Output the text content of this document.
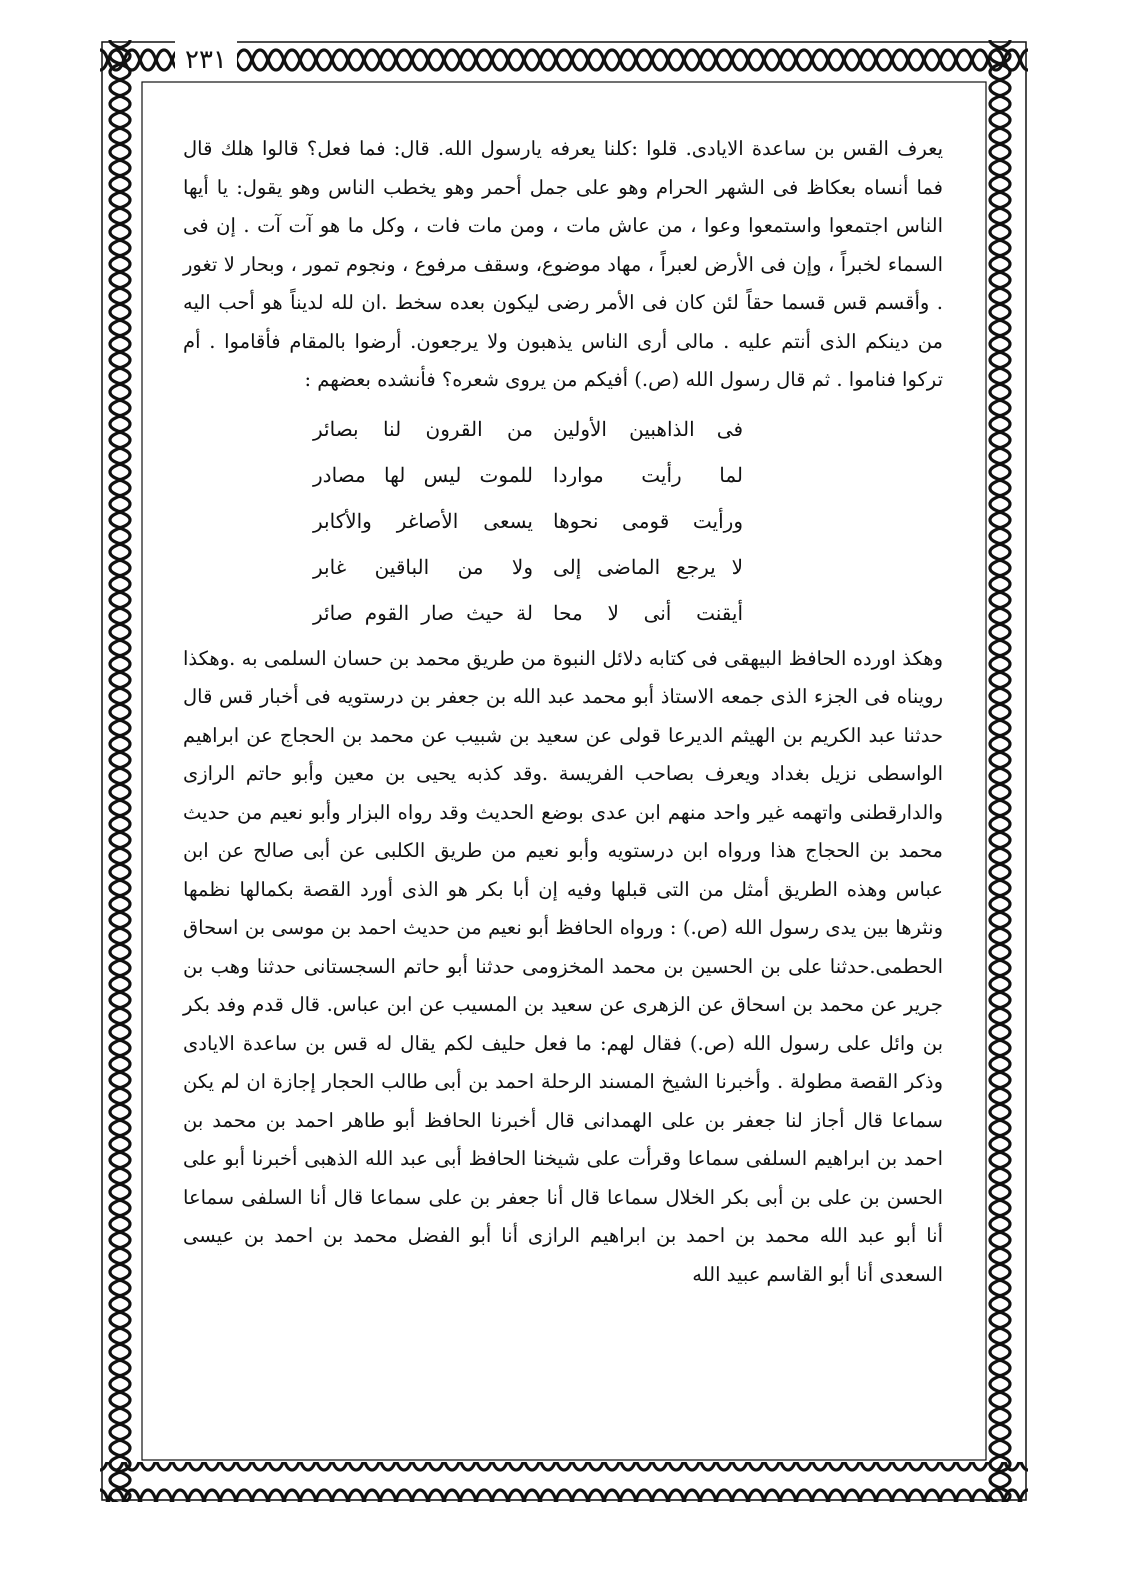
٢٣١

يعرف القس بن ساعدة الايادى. قلوا :كلنا يعرفه يارسول الله. قال: فما فعل؟ قالوا هلك قال فما أنساه بعكاظ فى الشهر الحرام وهو على جمل أحمر وهو يخطب الناس وهو يقول: يا أيها الناس اجتمعوا واستمعوا وعوا ، من عاش مات ، ومن مات فات ، وكل ما هو آت آت . إن فى السماء لخبراً ، وإن فى الأرض لعبراً ، مهاد موضوع، وسقف مرفوع ، ونجوم تمور ، وبحار لا تغور . وأقسم قس قسما حقاً لئن كان فى الأمر رضى ليكون بعده سخط .ان لله لديناً هو أحب اليه من دينكم الذى أنتم عليه . مالى أرى الناس يذهبون ولا يرجعون. أرضوا بالمقام فأقاموا . أم تركوا فناموا . ثم قال رسول الله (ص.) أفيكم من يروى شعره؟ فأنشده بعضهم :

فى الذاهبين الأولين
من القرون لنا بصائر
لما رأيت مواردا
للموت ليس لها مصادر
ورأيت قومى نحوها
يسعى الأصاغر والأكابر
لا يرجع الماضى إلى
ولا من الباقين غابر
أيقنت أنى لا محا
لة حيث صار القوم صائر

وهكذ اورده الحافظ البيهقى فى كتابه دلائل النبوة من طريق محمد بن حسان السلمى به .وهكذا رويناه فى الجزء الذى جمعه الاستاذ أبو محمد عبد الله بن جعفر بن درستويه فى أخبار قس قال حدثنا عبد الكريم بن الهيثم الديرعا قولى عن سعيد بن شبيب عن محمد بن الحجاج عن ابراهيم الواسطى نزيل بغداد ويعرف بصاحب الفريسة .وقد كذبه يحيى بن معين وأبو حاتم الرازى والدارقطنى واتهمه غير واحد منهم ابن عدى بوضع الحديث وقد رواه البزار وأبو نعيم من حديث محمد بن الحجاج هذا ورواه ابن درستويه وأبو نعيم من طريق الكلبى عن أبى صالح عن ابن عباس وهذه الطريق أمثل من التى قبلها وفيه إن أبا بكر هو الذى أورد القصة بكمالها نظمها ونثرها بين يدى رسول الله (ص.) : ورواه الحافظ أبو نعيم من حديث احمد بن موسى بن اسحاق الحطمى.حدثنا على بن الحسين بن محمد المخزومى حدثنا أبو حاتم السجستانى حدثنا وهب بن جرير عن محمد بن اسحاق عن الزهرى عن سعيد بن المسيب عن ابن عباس. قال قدم وفد بكر بن وائل على رسول الله (ص.) فقال لهم: ما فعل حليف لكم يقال له قس بن ساعدة الايادى وذكر القصة مطولة . وأخبرنا الشيخ المسند الرحلة احمد بن أبى طالب الحجار إجازة ان لم يكن سماعا قال أجاز لنا جعفر بن على الهمدانى قال أخبرنا الحافظ أبو طاهر احمد بن محمد بن احمد بن ابراهيم السلفى سماعا وقرأت على شيخنا الحافظ أبى عبد الله الذهبى أخبرنا أبو على الحسن بن على بن أبى بكر الخلال سماعا قال أنا جعفر بن على سماعا قال أنا السلفى سماعا أنا أبو عبد الله محمد بن احمد بن ابراهيم الرازى أنا أبو الفضل محمد بن احمد بن عيسى السعدى أنا أبو القاسم عبيد الله
